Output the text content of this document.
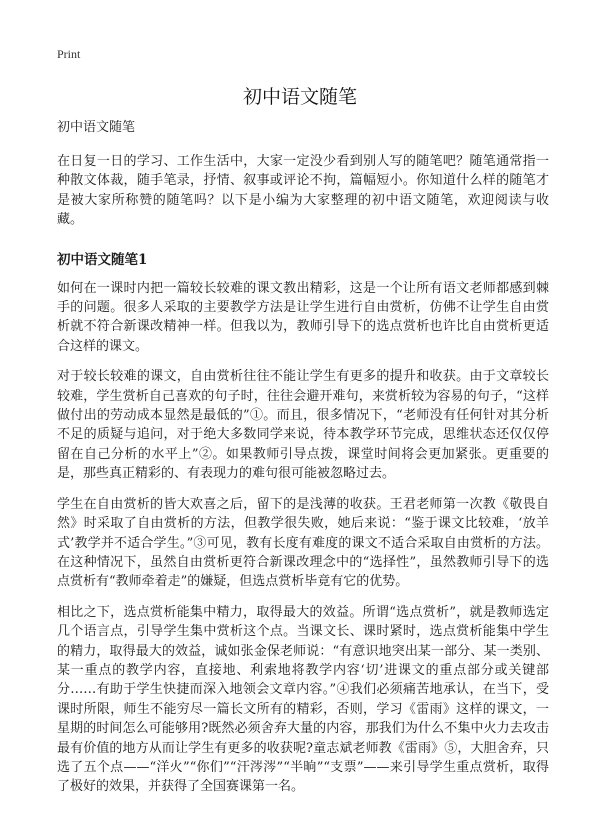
Print
初中语文随笔

初中语文随笔

在日复一日的学习、工作生活中，大家一定没少看到别人写的随笔吧？随笔通常指一种散文体裁，随手笔录，抒情、叙事或评论不拘，篇幅短小。你知道什么样的随笔才是被大家所称赞的随笔吗？以下是小编为大家整理的初中语文随笔，欢迎阅读与收藏。

初中语文随笔1

如何在一课时内把一篇较长较难的课文教出精彩，这是一个让所有语文老师都感到棘手的问题。很多人采取的主要教学方法是让学生进行自由赏析，仿佛不让学生自由赏析就不符合新课改精神一样。但我以为，教师引导下的选点赏析也许比自由赏析更适合这样的课文。

对于较长较难的课文，自由赏析往往不能让学生有更多的提升和收获。由于文章较长较难，学生赏析自己喜欢的句子时，往往会避开难句，来赏析较为容易的句子，“这样做付出的劳动成本显然是最低的”①。而且，很多情况下，“老师没有任何针对其分析不足的质疑与追问，对于绝大多数同学来说，待本教学环节完成，思维状态还仅仅停留在自己分析的水平上”②。如果教师引导点拨，课堂时间将会更加紧张。更重要的是，那些真正精彩的、有表现力的难句很可能被忽略过去。

学生在自由赏析的皆大欢喜之后，留下的是浅薄的收获。王君老师第一次教《敬畏自然》时采取了自由赏析的方法，但教学很失败，她后来说：“鉴于课文比较难，‘放羊式’教学并不适合学生。”③可见，教有长度有难度的课文不适合采取自由赏析的方法。在这种情况下，虽然自由赏析更符合新课改理念中的“选择性”，虽然教师引导下的选点赏析有“教师牵着走”的嫌疑，但选点赏析毕竟有它的优势。

相比之下，选点赏析能集中精力，取得最大的效益。所谓“选点赏析”，就是教师选定几个语言点，引导学生集中赏析这个点。当课文长、课时紧时，选点赏析能集中学生的精力，取得最大的效益，诚如张金保老师说：“有意识地突出某一部分、某一类别、某一重点的教学内容，直接地、利索地将教学内容‘切’进课文的重点部分或关键部分……有助于学生快捷而深入地领会文章内容。”④我们必须痛苦地承认，在当下，受课时所限，师生不能穷尽一篇长文所有的精彩，否则，学习《雷雨》这样的课文，一星期的时间怎么可能够用?既然必须舍弃大量的内容，那我们为什么不集中火力去攻击最有价值的地方从而让学生有更多的收获呢?童志斌老师教《雷雨》⑤，大胆舍弃，只选了五个点——“洋火”“你们”“汗涔涔”“半晌”“支票”——来引导学生重点赏析，取得了极好的效果，并获得了全国赛课第一名。
